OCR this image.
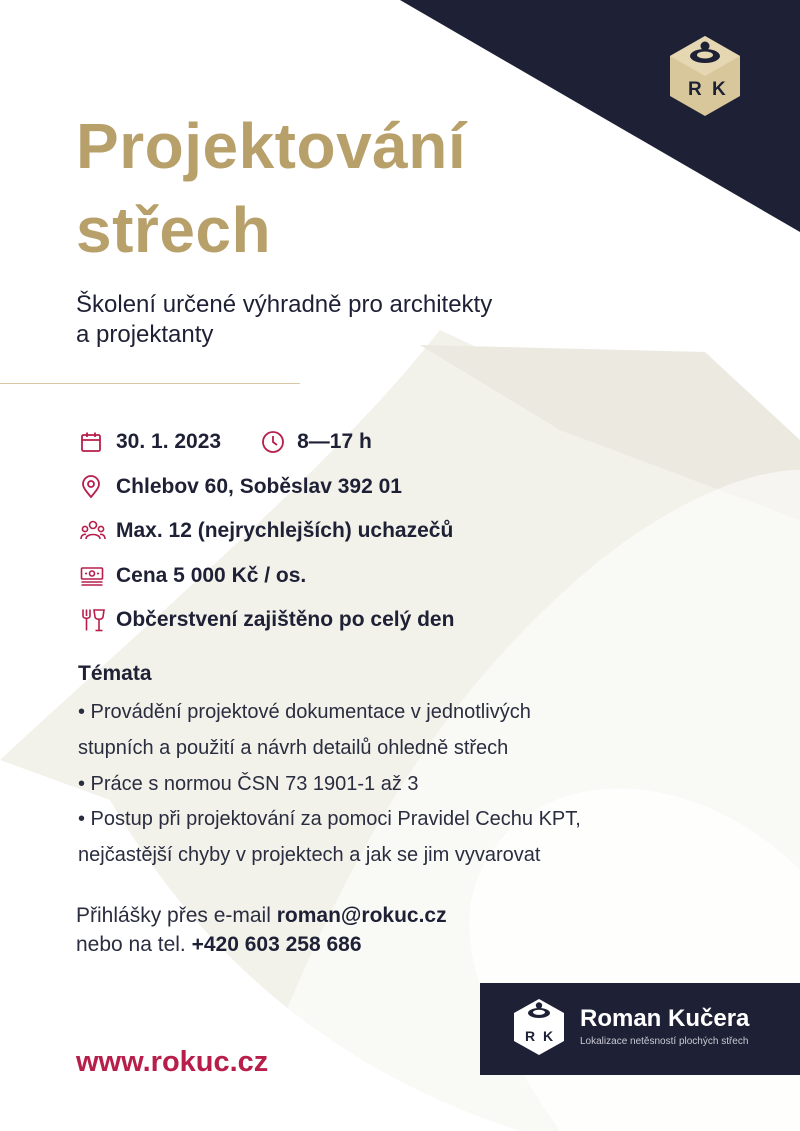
R K
Projektování
střech
Školení určené výhradně pro architekty
a projektanty
30. 1. 2023	8—17 h
Chlebov 60, Soběslav 392 01
Max. 12 (nejrychlejších) uchazečů
Cena 5 000 Kč / os.
Občerstvení zajištěno po celý den
Témata

• Provádění projektové dokumentace v jednotlivých

stupních a použití a návrh detailů ohledně střech

• Práce s normou ČSN 73 1901-1 až 3

• Postup při projektování za pomoci Pravidel Cechu KPT,

nejčastější chyby v projektech a jak se jim vyvarovat

Přihlášky přes e-mail roman@rokuc.cz
nebo na tel. +420 603 258 686
www.rokuc.cz
R K
Roman Kučera
Lokalizace netěsností plochých střech
